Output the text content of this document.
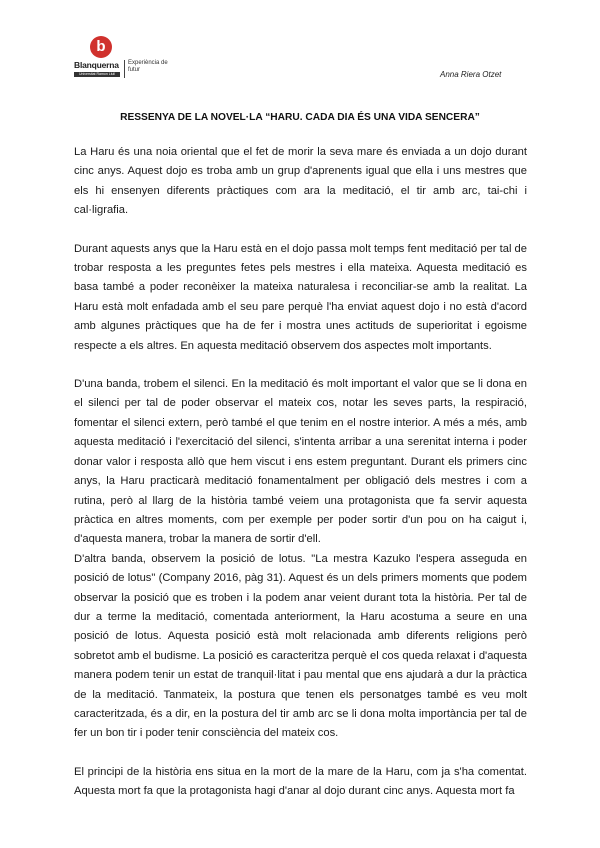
b
Blanquerna
Universitat Ramon Llull
Experiència de futur	Anna Riera Otzet
RESSENYA DE LA NOVEL·LA “HARU. CADA DIA ÉS UNA VIDA SENCERA”

La Haru és una noia oriental que el fet de morir la seva mare és enviada a un dojo durant cinc anys. Aquest dojo es troba amb un grup d'aprenents igual que ella i uns mestres que els hi ensenyen diferents pràctiques com ara la meditació, el tir amb arc, tai-chi i cal·ligrafia.

Durant aquests anys que la Haru està en el dojo passa molt temps fent meditació per tal de trobar resposta a les preguntes fetes pels mestres i ella mateixa. Aquesta meditació es basa també a poder reconèixer la mateixa naturalesa i reconciliar-se amb la realitat. La Haru està molt enfadada amb el seu pare perquè l'ha enviat aquest dojo i no està d'acord amb algunes pràctiques que ha de fer i mostra unes actituds de superioritat i egoisme respecte a els altres. En aquesta meditació observem dos aspectes molt importants.

D'una banda, trobem el silenci. En la meditació és molt important el valor que se li dona en el silenci per tal de poder observar el mateix cos, notar les seves parts, la respiració, fomentar el silenci extern, però també el que tenim en el nostre interior. A més a més, amb aquesta meditació i l'exercitació del silenci, s'intenta arribar a una serenitat interna i poder donar valor i resposta allò que hem viscut i ens estem preguntant. Durant els primers cinc anys, la Haru practicarà meditació fonamentalment per obligació dels mestres i com a rutina, però al llarg de la història també veiem una protagonista que fa servir aquesta pràctica en altres moments, com per exemple per poder sortir d'un pou on ha caigut i, d'aquesta manera, trobar la manera de sortir d'ell.

D'altra banda, observem la posició de lotus. "La mestra Kazuko l'espera asseguda en posició de lotus" (Company 2016, pàg 31). Aquest és un dels primers moments que podem observar la posició que es troben i la podem anar veient durant tota la història. Per tal de dur a terme la meditació, comentada anteriorment, la Haru acostuma a seure en una posició de lotus. Aquesta posició està molt relacionada amb diferents religions però sobretot amb el budisme. La posició es caracteritza perquè el cos queda relaxat i d'aquesta manera podem tenir un estat de tranquil·litat i pau mental que ens ajudarà a dur la pràctica de la meditació. Tanmateix, la postura que tenen els personatges també es veu molt caracteritzada, és a dir, en la postura del tir amb arc se li dona molta importància per tal de fer un bon tir i poder tenir consciència del mateix cos.

El principi de la història ens situa en la mort de la mare de la Haru, com ja s'ha comentat. Aquesta mort fa que la protagonista hagi d'anar al dojo durant cinc anys. Aquesta mort fa
